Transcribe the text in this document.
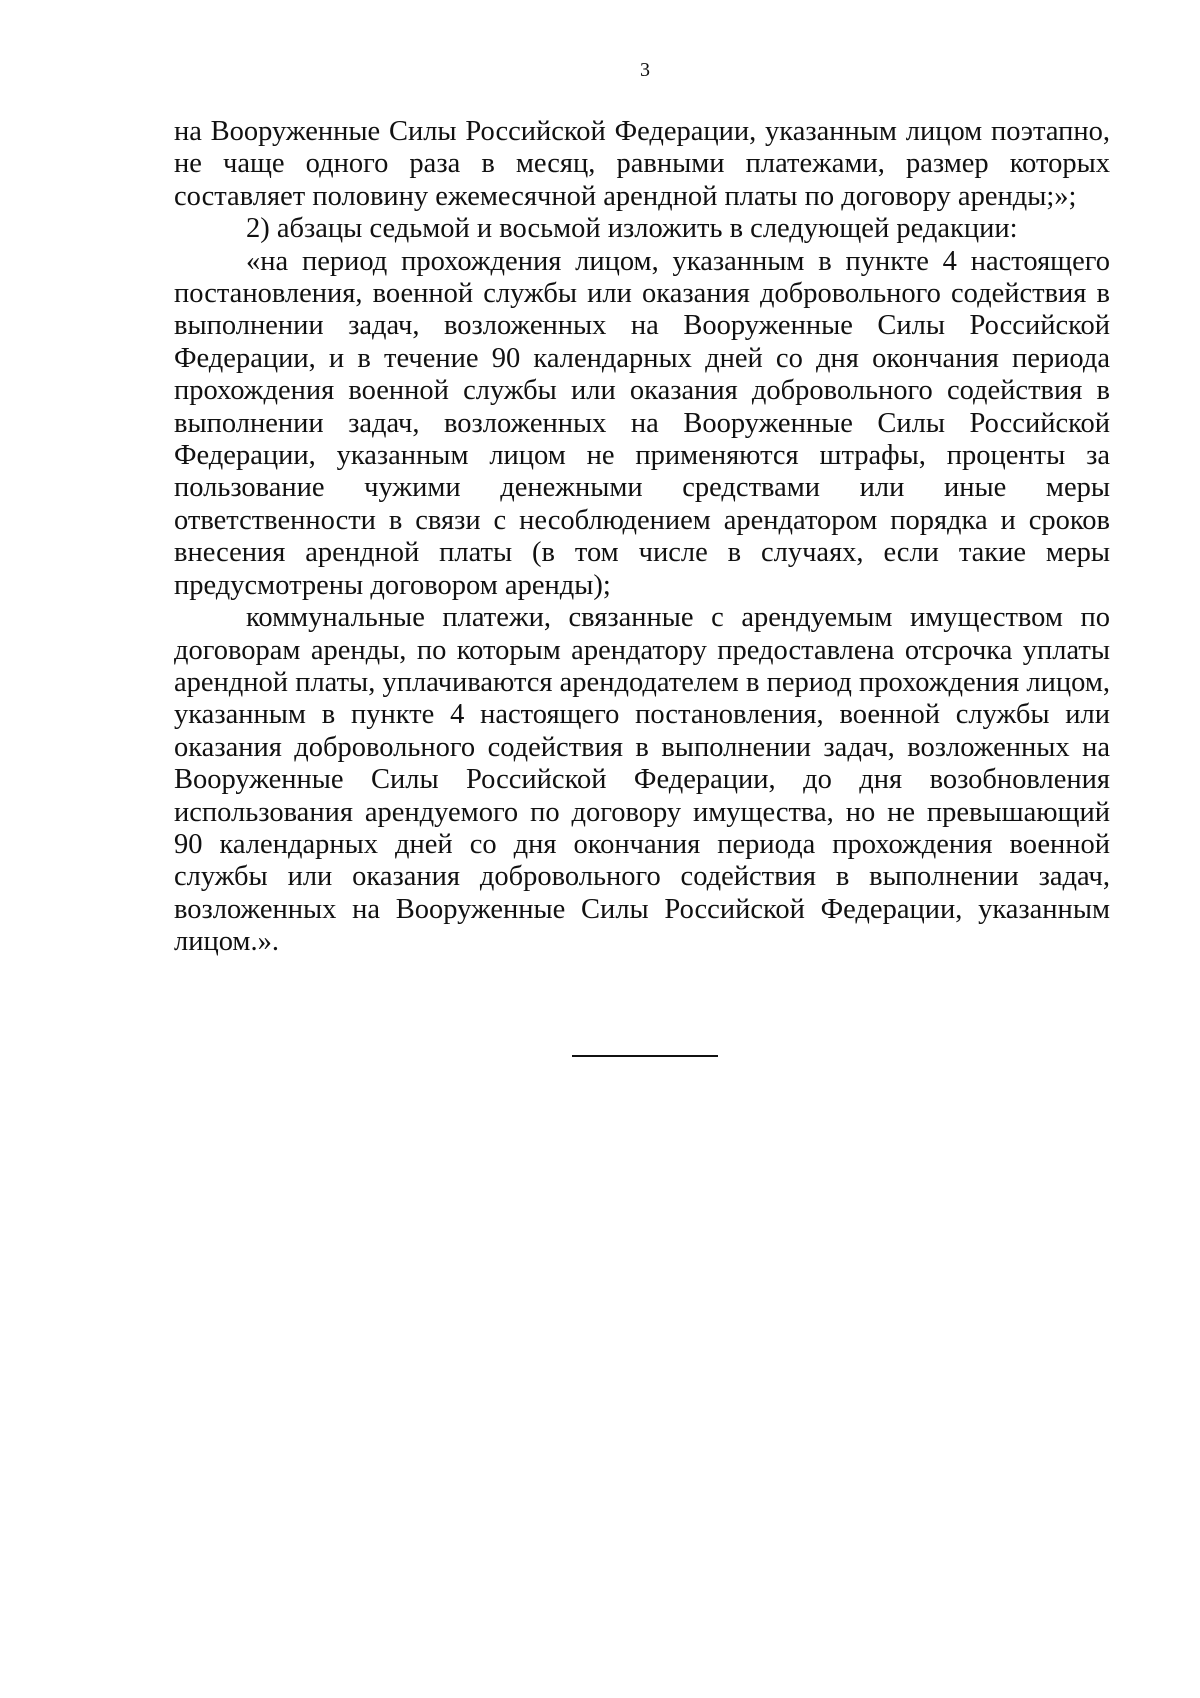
3

на Вооруженные Силы Российской Федерации, указанным лицом поэтапно, не чаще одного раза в месяц, равными платежами, размер которых составляет половину ежемесячной арендной платы по договору аренды;»;

2) абзацы седьмой и восьмой изложить в следующей редакции:

«на период прохождения лицом, указанным в пункте 4 настоящего постановления, военной службы или оказания добровольного содействия в выполнении задач, возложенных на Вооруженные Силы Российской Федерации, и в течение 90 календарных дней со дня окончания периода прохождения военной службы или оказания добровольного содействия в выполнении задач, возложенных на Вооруженные Силы Российской Федерации, указанным лицом не применяются штрафы, проценты за пользование чужими денежными средствами или иные меры ответственности в связи с несоблюдением арендатором порядка и сроков внесения арендной платы (в том числе в случаях, если такие меры предусмотрены договором аренды);

коммунальные платежи, связанные с арендуемым имуществом по договорам аренды, по которым арендатору предоставлена отсрочка уплаты арендной платы, уплачиваются арендодателем в период прохождения лицом, указанным в пункте 4 настоящего постановления, военной службы или оказания добровольного содействия в выполнении задач, возложенных на Вооруженные Силы Российской Федерации, до дня возобновления использования арендуемого по договору имущества, но не превышающий 90 календарных дней со дня окончания периода прохождения военной службы или оказания добровольного содействия в выполнении задач, возложенных на Вооруженные Силы Российской Федерации, указанным лицом.».
